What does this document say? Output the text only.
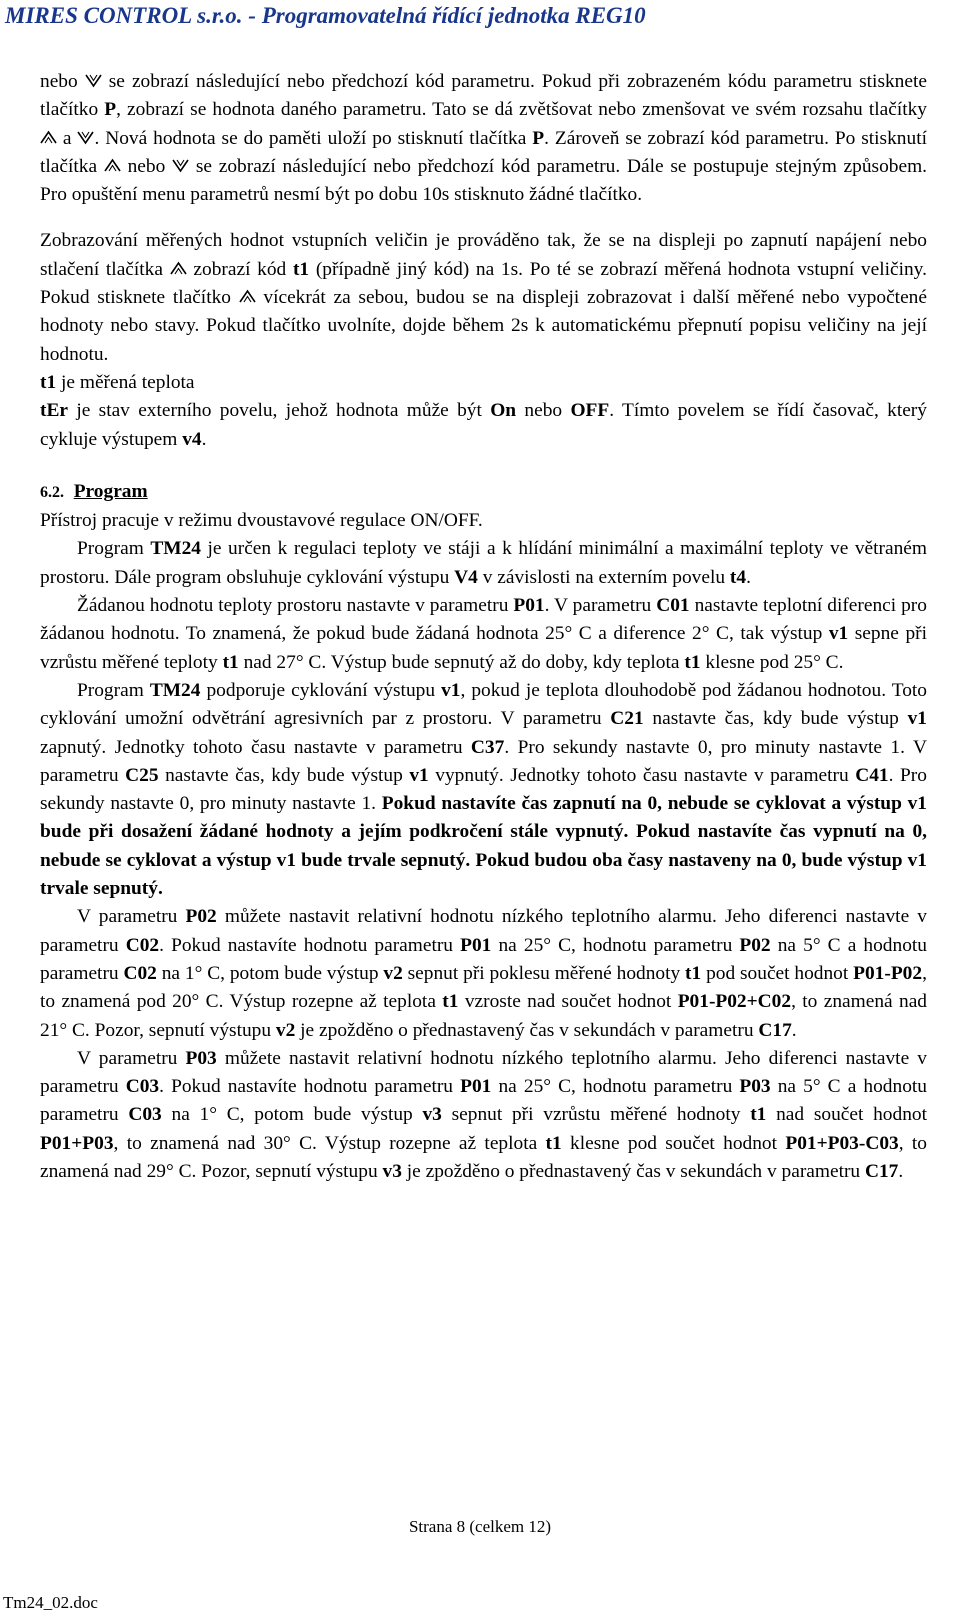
MIRES CONTROL s.r.o. - Programovatelná řídící jednotka REG10

nebo se zobrazí následující nebo předchozí kód parametru. Pokud při zobrazeném kódu parametru stisknete tlačítko P, zobrazí se hodnota daného parametru. Tato se dá zvětšovat nebo zmenšovat ve svém rozsahu tlačítky
a . Nová hodnota se do paměti uloží po stisknutí tlačítka P. Zároveň se zobrazí kód parametru. Po stisknutí tlačítka nebo se zobrazí následující nebo předchozí kód parametru. Dále se postupuje stejným způsobem. Pro opuštění menu parametrů nesmí být po dobu 10s stisknuto žádné tlačítko.

Zobrazování měřených hodnot vstupních veličin je prováděno tak, že se na displeji po zapnutí napájení nebo stlačení tlačítka zobrazí kód t1 (případně jiný kód) na 1s. Po té se zobrazí měřená hodnota vstupní veličiny. Pokud stisknete tlačítko vícekrát za sebou, budou se na displeji zobrazovat i další měřené nebo vypočtené hodnoty nebo stavy. Pokud tlačítko uvolníte, dojde během 2s k automatickému přepnutí popisu veličiny na její hodnotu.

t1 je měřená teplota

tEr je stav externího povelu, jehož hodnota může být On nebo OFF. Tímto povelem se řídí časovač, který cykluje výstupem v4.

6.2. Program

Přístroj pracuje v režimu dvoustavové regulace ON/OFF.

Program TM24 je určen k regulaci teploty ve stáji a k hlídání minimální a maximální teploty ve větraném prostoru. Dále program obsluhuje cyklování výstupu V4 v závislosti na externím povelu t4.

Žádanou hodnotu teploty prostoru nastavte v parametru P01. V parametru C01 nastavte teplotní diferenci pro žádanou hodnotu. To znamená, že pokud bude žádaná hodnota 25° C a diference 2° C, tak výstup v1 sepne při vzrůstu měřené teploty t1 nad 27° C. Výstup bude sepnutý až do doby, kdy teplota t1 klesne pod 25° C.

Program TM24 podporuje cyklování výstupu v1, pokud je teplota dlouhodobě pod žádanou hodnotou. Toto cyklování umožní odvětrání agresivních par z prostoru. V parametru C21 nastavte čas, kdy bude výstup v1 zapnutý. Jednotky tohoto času nastavte v parametru C37. Pro sekundy nastavte 0, pro minuty nastavte 1. V parametru C25 nastavte čas, kdy bude výstup v1 vypnutý. Jednotky tohoto času nastavte v parametru C41. Pro sekundy nastavte 0, pro minuty nastavte 1. Pokud nastavíte čas zapnutí na 0, nebude se cyklovat a výstup v1 bude při dosažení žádané hodnoty a jejím podkročení stále vypnutý. Pokud nastavíte čas vypnutí na 0, nebude se cyklovat a výstup v1 bude trvale sepnutý. Pokud budou oba časy nastaveny na 0, bude výstup v1 trvale sepnutý.

V parametru P02 můžete nastavit relativní hodnotu nízkého teplotního alarmu. Jeho diferenci nastavte v parametru C02. Pokud nastavíte hodnotu parametru P01 na 25° C, hodnotu parametru P02 na 5° C a hodnotu parametru C02 na 1° C, potom bude výstup v2 sepnut při poklesu měřené hodnoty t1 pod součet hodnot P01-P02, to znamená pod 20° C. Výstup rozepne až teplota t1 vzroste nad součet hodnot P01-P02+C02, to znamená nad 21° C. Pozor, sepnutí výstupu v2 je zpožděno o přednastavený čas v sekundách v parametru C17.

V parametru P03 můžete nastavit relativní hodnotu nízkého teplotního alarmu. Jeho diferenci nastavte v parametru C03. Pokud nastavíte hodnotu parametru P01 na 25° C, hodnotu parametru P03 na 5° C a hodnotu parametru C03 na 1° C, potom bude výstup v3 sepnut při vzrůstu měřené hodnoty t1 nad součet hodnot P01+P03, to znamená nad 30° C. Výstup rozepne až teplota t1 klesne pod součet hodnot P01+P03-C03, to znamená nad 29° C. Pozor, sepnutí výstupu v3 je zpožděno o přednastavený čas v sekundách v parametru C17.

Strana 8 (celkem 12)
Tm24_02.doc
